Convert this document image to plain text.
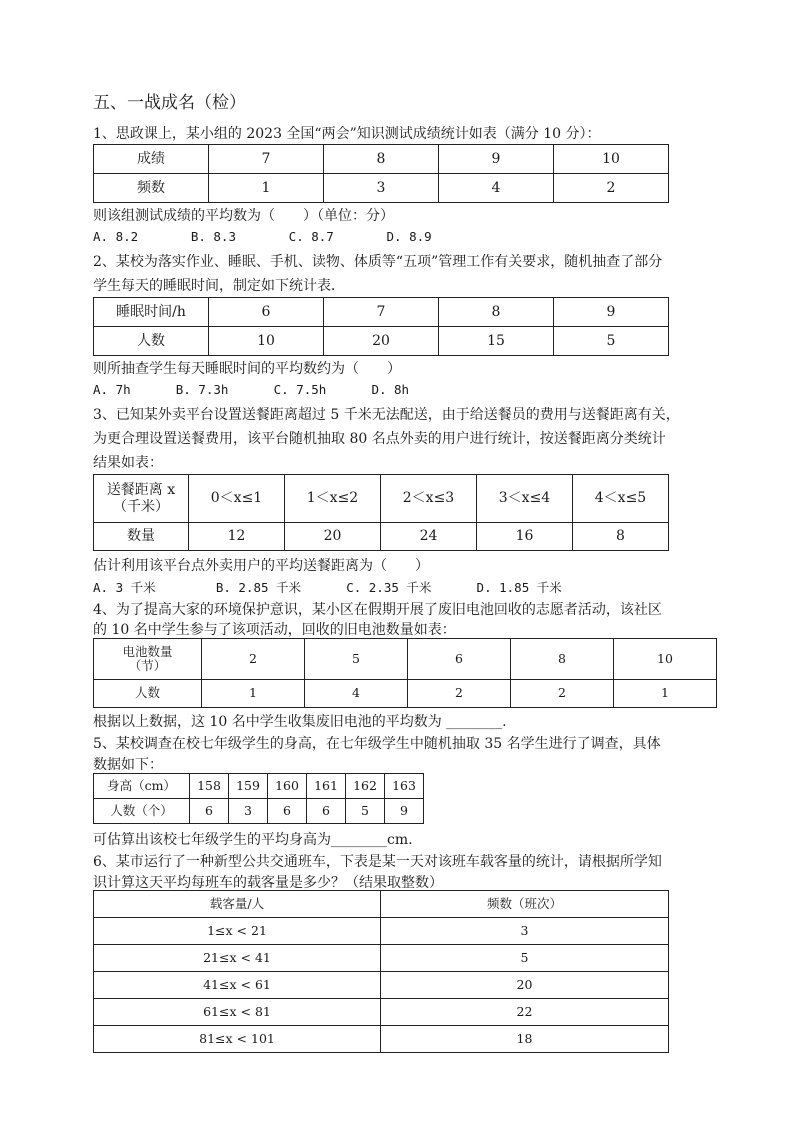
五、一战成名（检）
1、思政课上，某小组的 2023 全国“两会”知识测试成绩统计如表（满分 10 分）：
成绩	7	8	9	10
频数	1	3	4	2
则该组测试成绩的平均数为（　　）（单位：分）
A. 8.2       B. 8.3       C. 8.7       D. 8.9
2、某校为落实作业、睡眠、手机、读物、体质等“五项”管理工作有关要求，随机抽查了部分
学生每天的睡眠时间，制定如下统计表．
睡眠时间/h	6	7	8	9
人数	10	20	15	5
则所抽查学生每天睡眠时间的平均数约为（　　）
A. 7h      B. 7.3h      C. 7.5h      D. 8h
3、已知某外卖平台设置送餐距离超过 5 千米无法配送，由于给送餐员的费用与送餐距离有关，
为更合理设置送餐费用，该平台随机抽取 80 名点外卖的用户进行统计，按送餐距离分类统计
结果如表：
送餐距离 x
（千米）	0＜x≤1	1＜x≤2	2＜x≤3	3＜x≤4	4＜x≤5
数量	12	20	24	16	8
估计利用该平台点外卖用户的平均送餐距离为（　　）
A. 3 千米        B. 2.85 千米      C. 2.35 千米      D. 1.85 千米
4、为了提高大家的环境保护意识，某小区在假期开展了废旧电池回收的志愿者活动，该社区
的 10 名中学生参与了该项活动，回收的旧电池数量如表：
电池数量
（节）	2	5	6	8	10
人数	1	4	2	2	1
根据以上数据，这 10 名中学生收集废旧电池的平均数为 ________.
5、某校调查在校七年级学生的身高，在七年级学生中随机抽取 35 名学生进行了调查，具体
数据如下：
身高（cm）	158	159	160	161	162	163
人数（个）	6	3	6	6	5	9
可估算出该校七年级学生的平均身高为________cm.
6、某市运行了一种新型公共交通班车，下表是某一天对该班车载客量的统计，请根据所学知
识计算这天平均每班车的载客量是多少？（结果取整数）
载客量/人	频数（班次）
1≤x < 21	3
21≤x < 41	5
41≤x < 61	20
61≤x < 81	22
81≤x < 101	18
